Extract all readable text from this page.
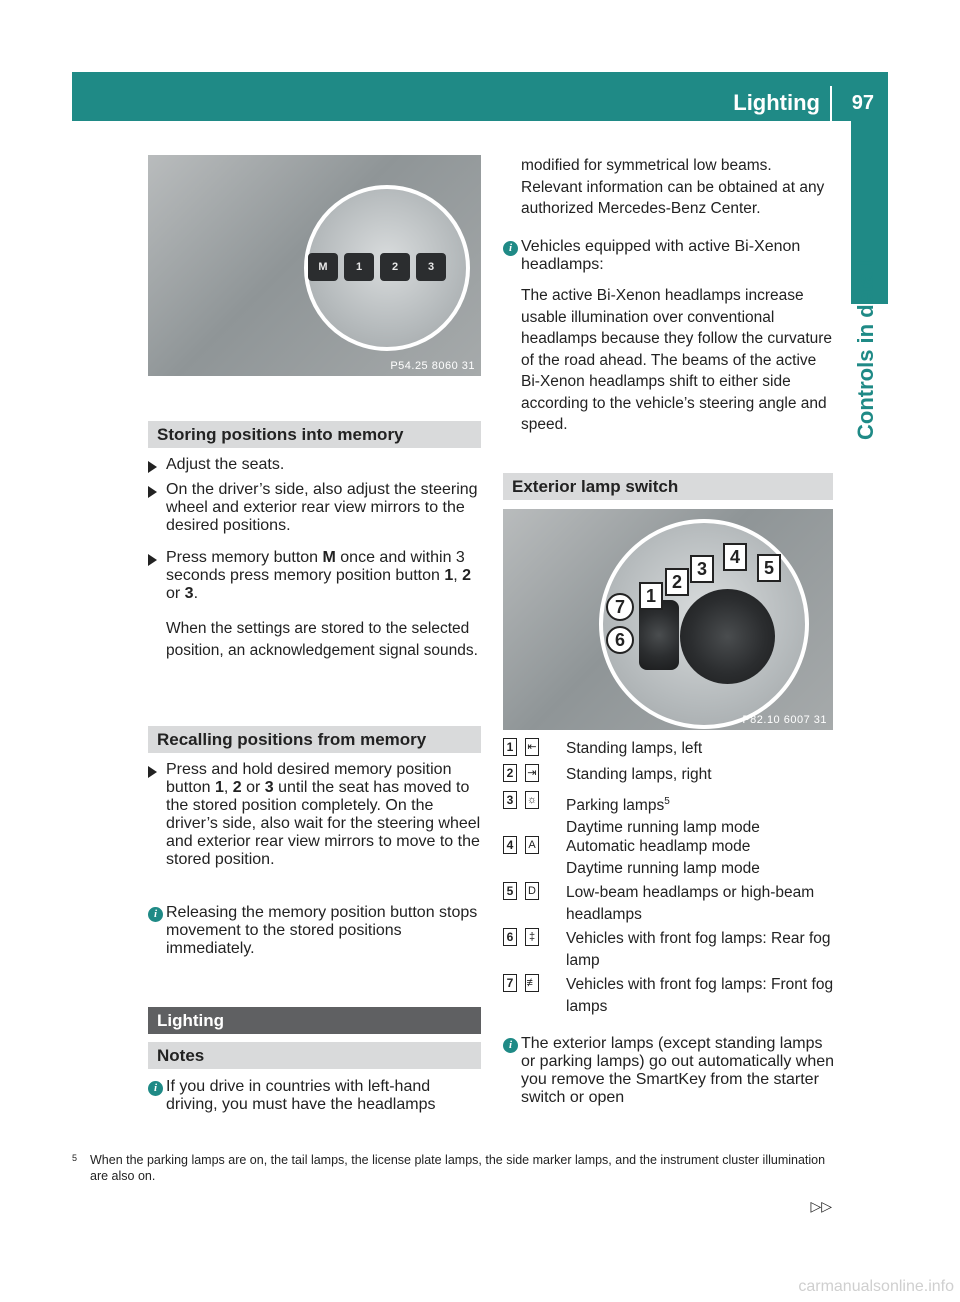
Lighting 97
Controls in detail
M	1	2	3
P54.25 8060 31
Storing positions into memory
Adjust the seats.
On the driver’s side, also adjust the steering wheel and exterior rear view mirrors to the desired positions.
Press memory button M once and within 3 seconds press memory position button 1, 2 or 3.
When the settings are stored to the selected position, an acknowledgement signal sounds.
Recalling positions from memory
Press and hold desired memory position button 1, 2 or 3 until the seat has moved to the stored position completely. On the driver’s side, also wait for the steering wheel and exterior rear view mirrors to move to the stored position.
i Releasing the memory position button stops movement to the stored positions immediately.
Lighting
Notes
i If you drive in countries with left-hand driving, you must have the headlamps
modified for symmetrical low beams. Relevant information can be obtained at any authorized Mercedes-Benz Center.
i Vehicles equipped with active Bi-Xenon headlamps:
The active Bi-Xenon headlamps increase usable illumination over conventional headlamps because they follow the curvature of the road ahead. The beams of the active Bi-Xenon headlamps shift to either side according to the vehicle’s steering angle and speed.
Exterior lamp switch
1
2
3
4
5
7
6
P82.10 6007 31
1	⇤ Standing lamps, left
2	⇥ Standing lamps, right
3	☼ Parking lamps$^5$
Daytime running lamp mode
4	A Automatic headlamp mode
Daytime running lamp mode
5	D Low-beam headlamps or high-beam headlamps
6	‡ Vehicles with front fog lamps: Rear fog lamp
7	≢ Vehicles with front fog lamps: Front fog lamps
i The exterior lamps (except standing lamps or parking lamps) go out automatically when you remove the SmartKey from the starter switch or open
5 When the parking lamps are on, the tail lamps, the license plate lamps, the side marker lamps, and the instrument cluster illumination are also on.
▷▷
carmanualsonline.info
